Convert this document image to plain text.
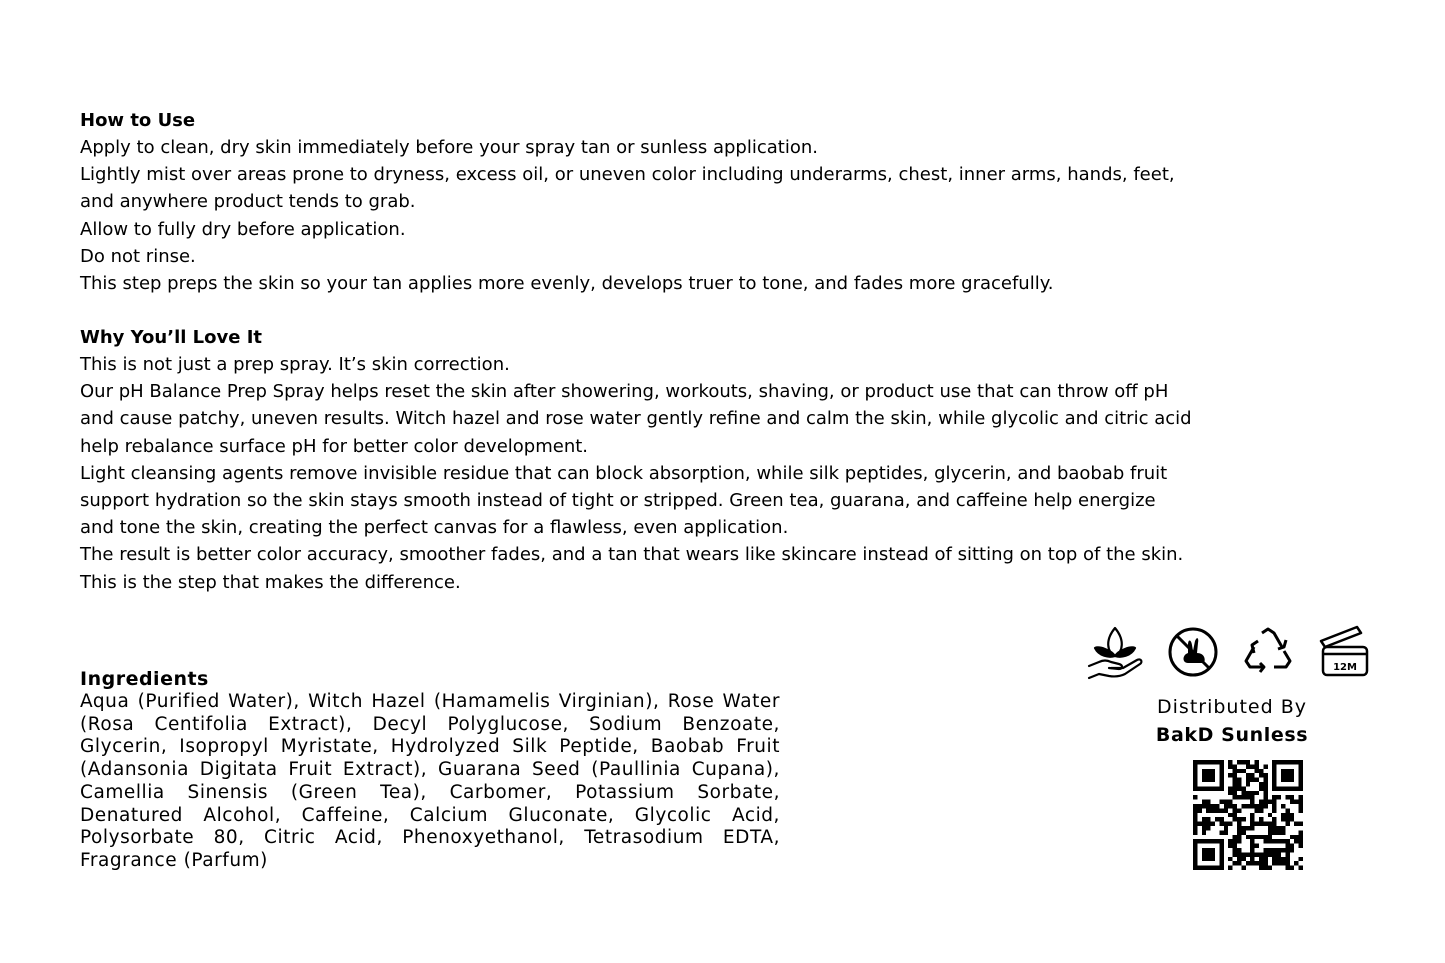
How to Use

Apply to clean, dry skin immediately before your spray tan or sunless application.

Lightly mist over areas prone to dryness, excess oil, or uneven color including underarms, chest, inner arms, hands, feet,

and anywhere product tends to grab.

Allow to fully dry before application.

Do not rinse.

This step preps the skin so your tan applies more evenly, develops truer to tone, and fades more gracefully.

Why You’ll Love It

This is not just a prep spray. It’s skin correction.

Our pH Balance Prep Spray helps reset the skin after showering, workouts, shaving, or product use that can throw off pH

and cause patchy, uneven results. Witch hazel and rose water gently refine and calm the skin, while glycolic and citric acid

help rebalance surface pH for better color development.

Light cleansing agents remove invisible residue that can block absorption, while silk peptides, glycerin, and baobab fruit

support hydration so the skin stays smooth instead of tight or stripped. Green tea, guarana, and caffeine help energize

and tone the skin, creating the perfect canvas for a flawless, even application.

The result is better color accuracy, smoother fades, and a tan that wears like skincare instead of sitting on top of the skin.

This is the step that makes the difference.

Ingredients

Aqua (Purified Water), Witch Hazel (Hamamelis Virginian), Rose Water (Rosa Centifolia Extract), Decyl Polyglucose, Sodium Benzoate, Glycerin, Isopropyl Myristate, Hydrolyzed Silk Peptide, Baobab Fruit (Adansonia Digitata Fruit Extract), Guarana Seed (Paullinia Cupana), Camellia Sinensis (Green Tea), Carbomer, Potassium Sorbate, Denatured Alcohol, Caffeine, Calcium Gluconate, Glycolic Acid, Polysorbate 80, Citric Acid, Phenoxyethanol, Tetrasodium EDTA, Fragrance (Parfum)

12M
Distributed By
BakD Sunless
